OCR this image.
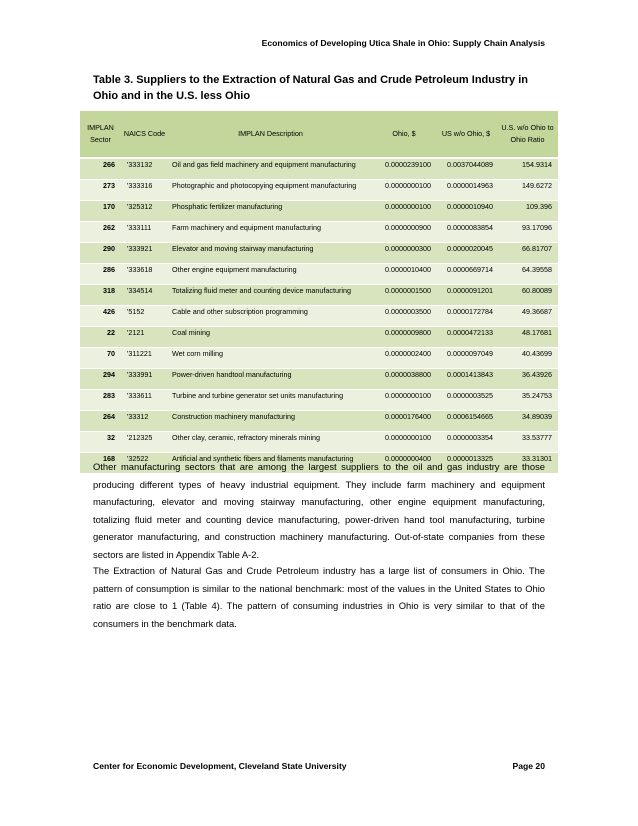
Economics of Developing Utica Shale in Ohio: Supply Chain Analysis
Table 3. Suppliers to the Extraction of Natural Gas and Crude Petroleum Industry in Ohio and in the U.S. less Ohio
IMPLAN Sector	NAICS Code	IMPLAN Description	Ohio, $	US w/o Ohio, $	U.S. w/o Ohio to Ohio Ratio
266	'333132	Oil and gas field machinery and equipment manufacturing	0.0000239100	0.0037044089	154.9314
273	'333316	Photographic and photocopying equipment manufacturing	0.0000000100	0.0000014963	149.6272
170	'325312	Phosphatic fertilizer manufacturing	0.0000000100	0.0000010940	109.396
262	'333111	Farm machinery and equipment manufacturing	0.0000000900	0.0000083854	93.17096
290	'333921	Elevator and moving stairway manufacturing	0.0000000300	0.0000020045	66.81707
286	'333618	Other engine equipment manufacturing	0.0000010400	0.0000669714	64.39558
318	'334514	Totalizing fluid meter and counting device manufacturing	0.0000001500	0.0000091201	60.80089
426	'5152	Cable and other subscription programming	0.0000003500	0.0000172784	49.36687
22	'2121	Coal mining	0.0000009800	0.0000472133	48.17681
70	'311221	Wet corn milling	0.0000002400	0.0000097049	40.43699
294	'333991	Power-driven handtool manufacturing	0.0000038800	0.0001413843	36.43926
283	'333611	Turbine and turbine generator set units manufacturing	0.0000000100	0.0000003525	35.24753
264	'33312	Construction machinery manufacturing	0.0000176400	0.0006154665	34.89039
32	'212325	Other clay, ceramic, refractory minerals mining	0.0000000100	0.0000003354	33.53777
168	'32522	Artificial and synthetic fibers and filaments manufacturing	0.0000000400	0.0000013325	33.31301

Other manufacturing sectors that are among the largest suppliers to the oil and gas industry are those producing different types of heavy industrial equipment. They include farm machinery and equipment manufacturing, elevator and moving stairway manufacturing, other engine equipment manufacturing, totalizing fluid meter and counting device manufacturing, power-driven hand tool manufacturing, turbine generator manufacturing, and construction machinery manufacturing. Out-of-state companies from these sectors are listed in Appendix Table A-2.

The Extraction of Natural Gas and Crude Petroleum industry has a large list of consumers in Ohio. The pattern of consumption is similar to the national benchmark: most of the values in the United States to Ohio ratio are close to 1 (Table 4). The pattern of consuming industries in Ohio is very similar to that of the consumers in the benchmark data.

Center for Economic Development, Cleveland State University	Page 20
